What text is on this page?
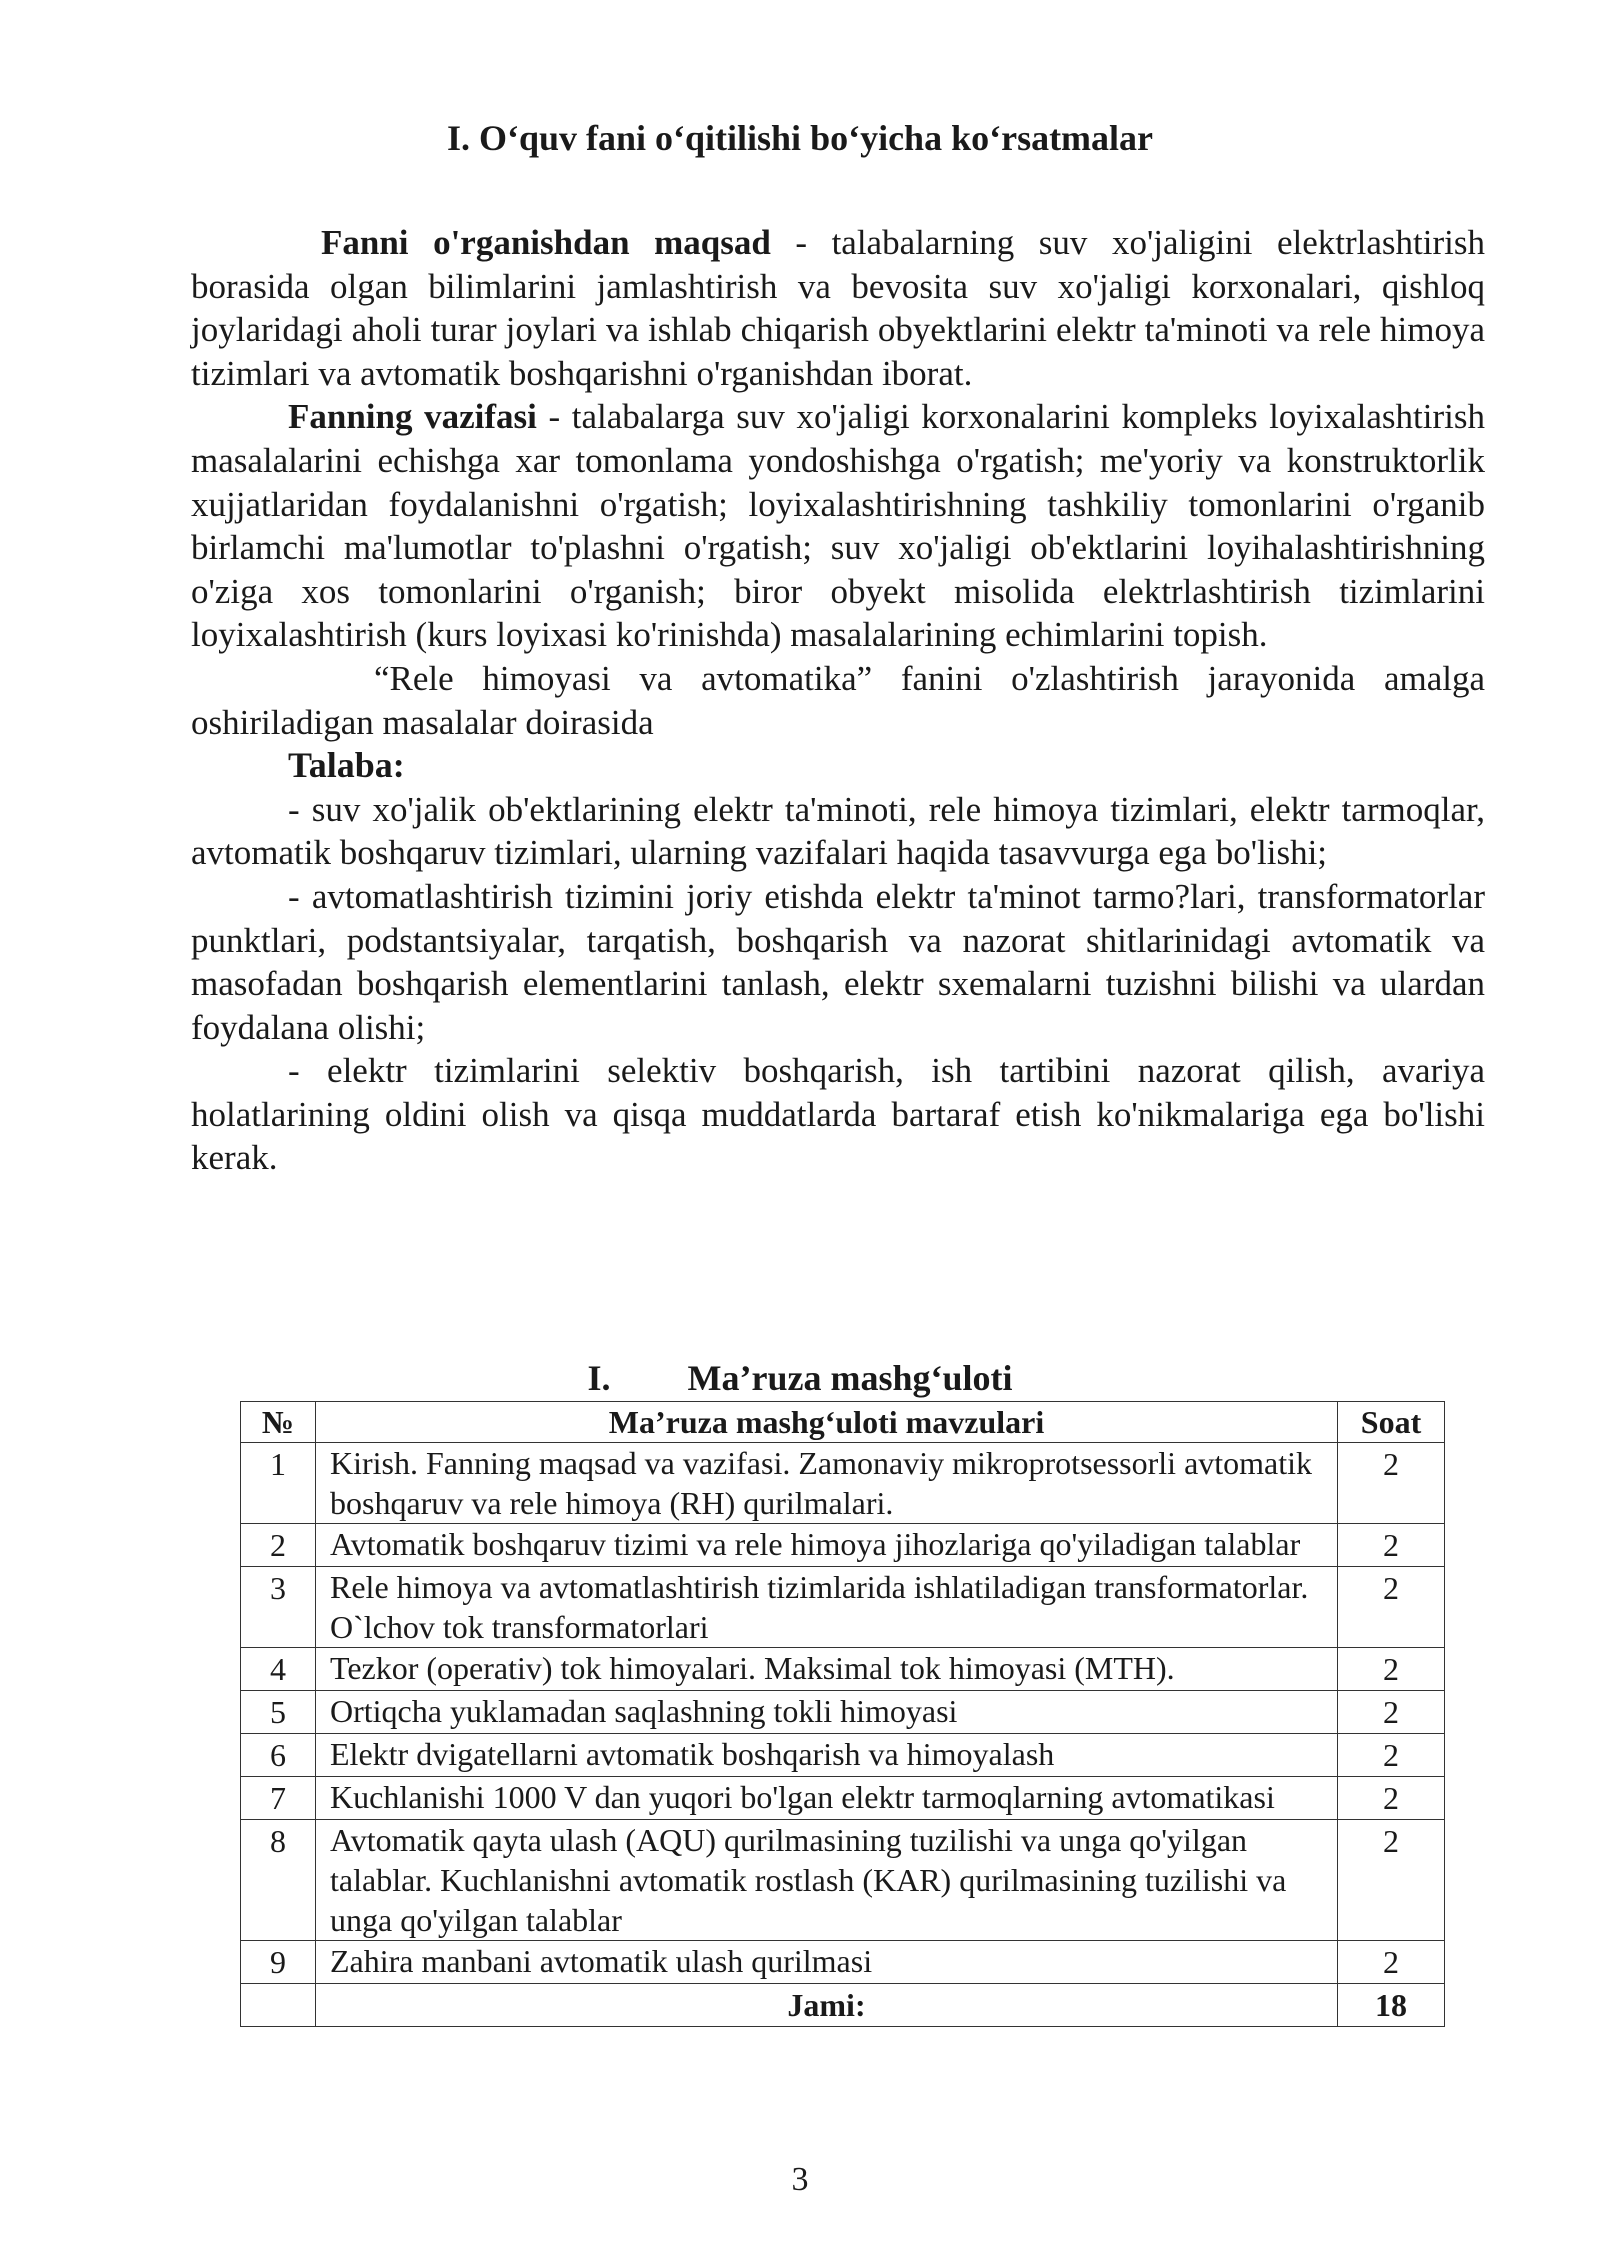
I. O‘quv fani o‘qitilishi bo‘yicha ko‘rsatmalar

Fanni o'rganishdan maqsad - talabalarning suv xo'jaligini elektrlashtirish borasida olgan bilimlarini jamlashtirish va bevosita suv xo'jaligi korxonalari, qishloq joylaridagi aholi turar joylari va ishlab chiqarish obyektlarini elektr ta'minoti va rele himoya tizimlari va avtomatik boshqarishni o'rganishdan iborat.

Fanning vazifasi - talabalarga suv xo'jaligi korxonalarini kompleks loyixalashtirish masalalarini echishga xar tomonlama yondoshishga o'rgatish; me'yoriy va konstruktorlik xujjatlaridan foydalanishni o'rgatish; loyixalashtirishning tashkiliy tomonlarini o'rganib birlamchi ma'lumotlar to'plashni o'rgatish; suv xo'jaligi ob'ektlarini loyihalashtirishning o'ziga xos tomonlarini o'rganish; biror obyekt misolida elektrlashtirish tizimlarini loyixalashtirish (kurs loyixasi ko'rinishda) masalalarining echimlarini topish.

“Rele himoyasi va avtomatika” fanini o'zlashtirish jarayonida amalga oshiriladigan masalalar doirasida

Talaba:

- suv xo'jalik ob'ektlarining elektr ta'minoti, rele himoya tizimlari, elektr tarmoqlar, avtomatik boshqaruv tizimlari, ularning vazifalari haqida tasavvurga ega bo'lishi;

- avtomatlashtirish tizimini joriy etishda elektr ta'minot tarmo?lari, transformatorlar punktlari, podstantsiyalar, tarqatish, boshqarish va nazorat shitlarinidagi avtomatik va masofadan boshqarish elementlarini tanlash, elektr sxemalarni tuzishni bilishi va ulardan foydalana olishi;

- elektr tizimlarini selektiv boshqarish, ish tartibini nazorat qilish, avariya holatlarining oldini olish va qisqa muddatlarda bartaraf etish ko'nikmalariga ega bo'lishi kerak.

I. Ma’ruza mashg‘uloti
№	Ma’ruza mashg‘uloti mavzulari	Soat
1	Kirish. Fanning maqsad va vazifasi. Zamonaviy mikroprotsessorli avtomatik boshqaruv va rele himoya (RH) qurilmalari.	2
2	Avtomatik boshqaruv tizimi va rele himoya jihozlariga qo'yiladigan talablar	2
3	Rele himoya va avtomatlashtirish tizimlarida ishlatiladigan transformatorlar. O`lchov tok transformatorlari	2
4	Tezkor (operativ) tok himoyalari. Maksimal tok himoyasi (MTH).	2
5	Ortiqcha yuklamadan saqlashning tokli himoyasi	2
6	Elektr dvigatellarni avtomatik boshqarish va himoyalash	2
7	Kuchlanishi 1000 V dan yuqori bo'lgan elektr tarmoqlarning avtomatikasi	2
8	Avtomatik qayta ulash (AQU) qurilmasining tuzilishi va unga qo'yilgan talablar. Kuchlanishni avtomatik rostlash (KAR) qurilmasining tuzilishi va unga qo'yilgan talablar	2
9	Zahira manbani avtomatik ulash qurilmasi	2
	Jami:	18
3
